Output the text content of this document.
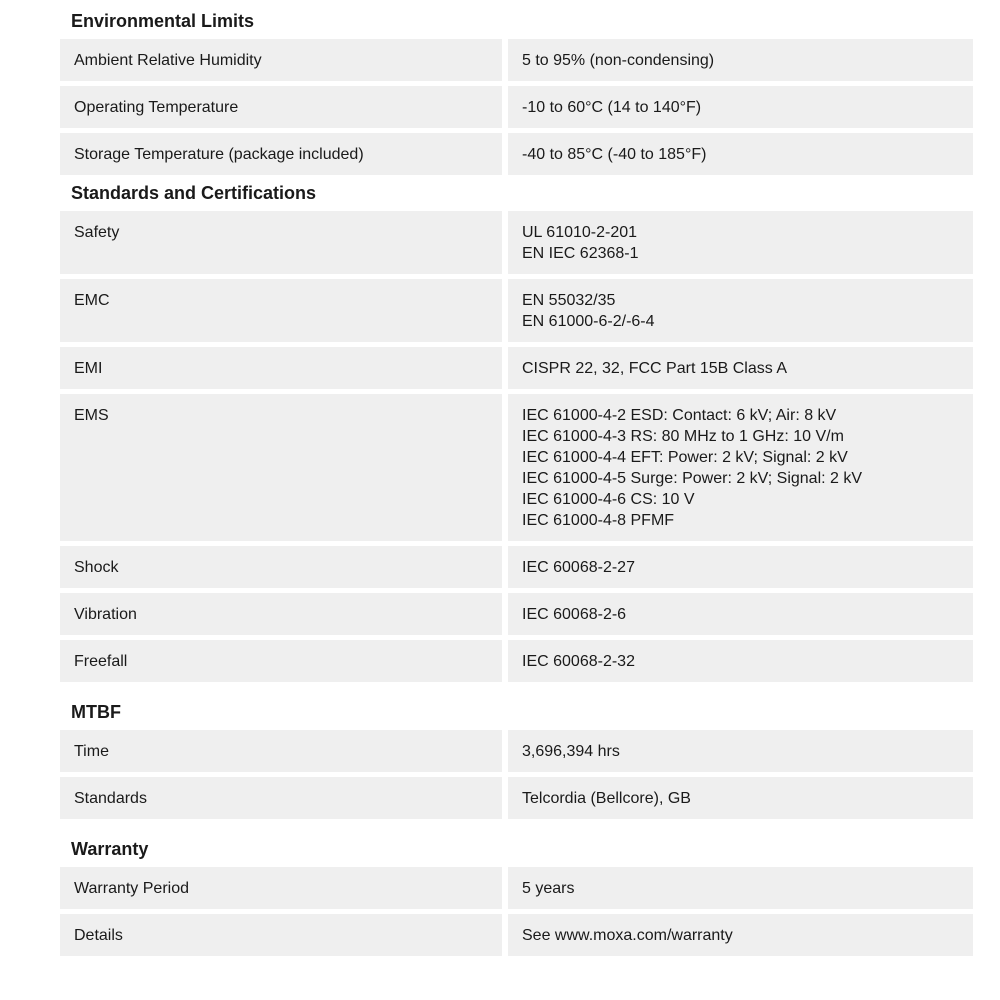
Environmental Limits
Ambient Relative Humidity	5 to 95% (non-condensing)
Operating Temperature	-10 to 60°C (14 to 140°F)
Storage Temperature (package included)	-40 to 85°C (-40 to 185°F)
Standards and Certifications
Safety	UL 61010-2-201
EN IEC 62368-1
EMC	EN 55032/35
EN 61000-6-2/-6-4
EMI	CISPR 22, 32, FCC Part 15B Class A
EMS	IEC 61000-4-2 ESD: Contact: 6 kV; Air: 8 kV
IEC 61000-4-3 RS: 80 MHz to 1 GHz: 10 V/m
IEC 61000-4-4 EFT: Power: 2 kV; Signal: 2 kV
IEC 61000-4-5 Surge: Power: 2 kV; Signal: 2 kV
IEC 61000-4-6 CS: 10 V
IEC 61000-4-8 PFMF
Shock	IEC 60068-2-27
Vibration	IEC 60068-2-6
Freefall	IEC 60068-2-32
MTBF
Time	3,696,394 hrs
Standards	Telcordia (Bellcore), GB
Warranty
Warranty Period	5 years
Details	See www.moxa.com/warranty
